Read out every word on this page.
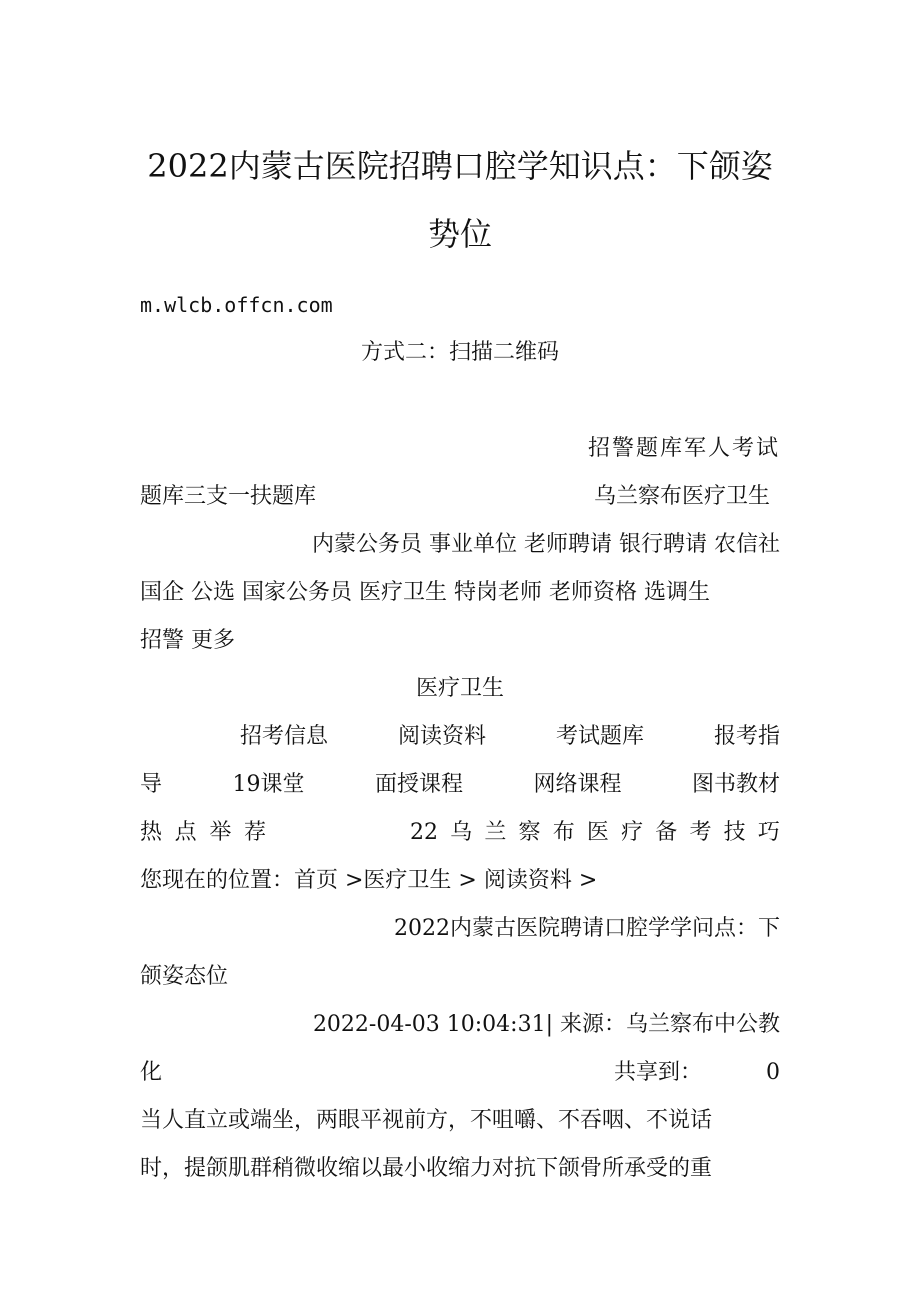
2022内蒙古医院招聘口腔学知识点：下颌姿
势位

m.wlcb.offcn.com

方式二：扫描二维码

招警题库军人考试

题库三支一扶题库	乌兰察布医疗卫生

内蒙公务员 事业单位 老师聘请 银行聘请 农信社

国企 公选 国家公务员 医疗卫生 特岗老师 老师资格 选调生

招警 更多

医疗卫生

招考信息	阅读资料	考试题库	报考指
导	19课堂	面授课程	网络课程	图书教材
热 点 举 荐	22 乌 兰 察 布 医 疗 备 考 技 巧

您现在的位置：首页 >医疗卫生 > 阅读资料 >

2022内蒙古医院聘请口腔学学问点：下

颌姿态位

2022-04-03 10:04:31| 来源：乌兰察布中公教

化	共享到：	0

当人直立或端坐，两眼平视前方，不咀嚼、不吞咽、不说话

时，提颌肌群稍微收缩以最小收缩力对抗下颌骨所承受的重
